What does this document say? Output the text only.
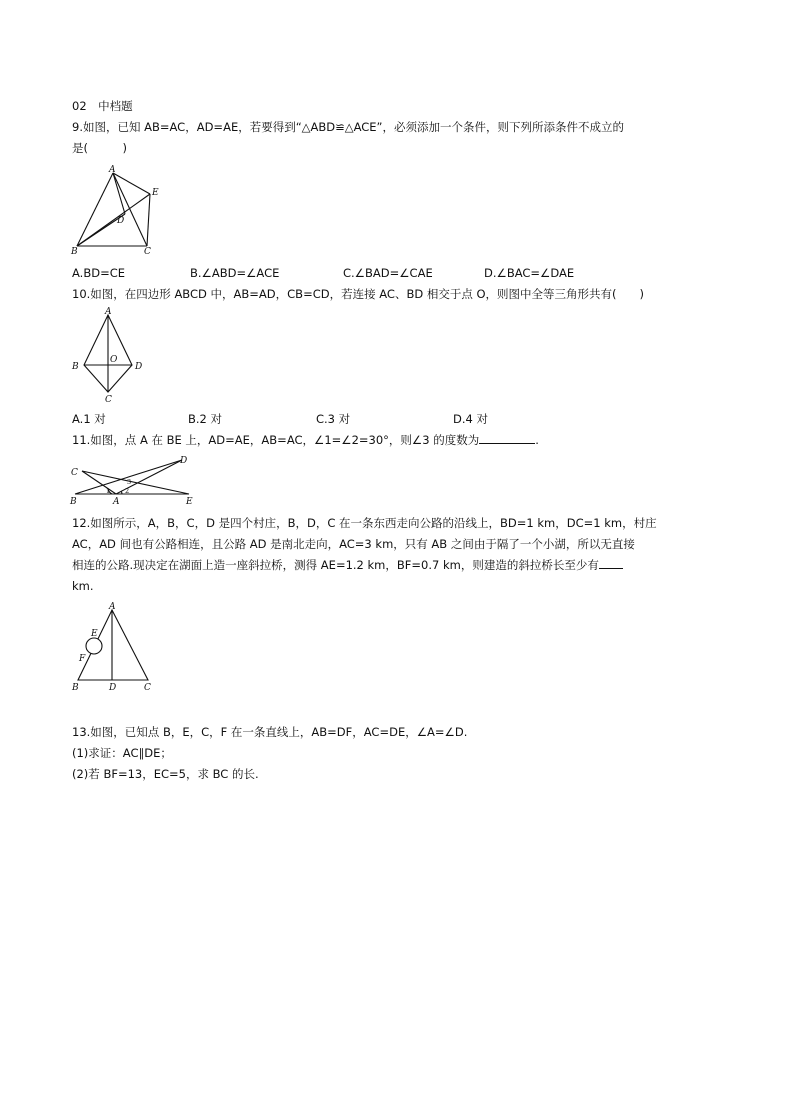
02　中档题
9.如图，已知 AB=AC，AD=AE，若要得到“△ABD≌△ACE”，必须添加一个条件，则下列所添条件不成立的
是(　　　)
A
E
D
B	C
A.BD=CE	B.∠ABD=∠ACE	C.∠BAD=∠CAE	D.∠BAC=∠DAE
10.如图，在四边形 ABCD 中，AB=AD，CB=CD，若连接 AC、BD 相交于点 O，则图中全等三角形共有(　　)
A
B
O
D
C
A.1 对	B.2 对	C.3 对	D.4 对
11.如图，点 A 在 BE 上，AD=AE，AB=AC，∠1=∠2=30°，则∠3 的度数为	.
C
D
B	A	E
1 2
3
12.如图所示，A，B，C，D 是四个村庄，B，D，C 在一条东西走向公路的沿线上，BD=1 km，DC=1 km，村庄
AC，AD 间也有公路相连，且公路 AD 是南北走向，AC=3 km，只有 AB 之间由于隔了一个小湖，所以无直接
相连的公路.现决定在湖面上造一座斜拉桥，测得 AE=1.2 km，BF=0.7 km，则建造的斜拉桥长至少有
km.
A
E
F
B	D	C
13.如图，已知点 B，E，C，F 在一条直线上，AB=DF，AC=DE，∠A=∠D.
(1)求证：AC∥DE；
(2)若 BF=13，EC=5，求 BC 的长.
